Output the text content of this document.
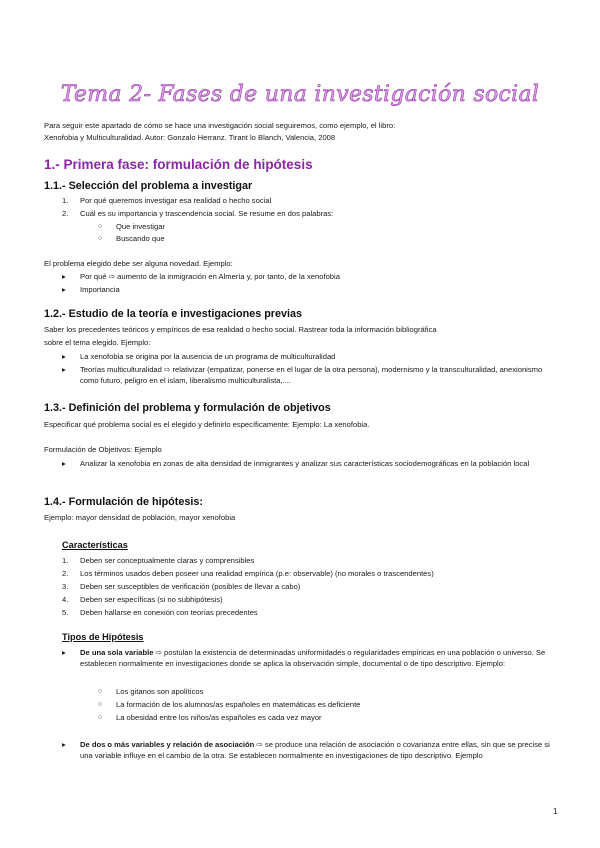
Tema 2- Fases de una investigación social
Para seguir este apartado de cómo se hace una investigación social seguiremos, como ejemplo, el libro:
Xenofobia y Multiculturalidad. Autor: Gonzalo Herranz. Tirant lo Blanch, Valencia, 2008
1.- Primera fase: formulación de hipótesis
1.1.- Selección del problema a investigar
1.	Por qué queremos investigar esa realidad o hecho social
2.	Cuál es su importancia y trascendencia social. Se resume en dos palabras:
○ Que investigar
○ Buscando que
El problema elegido debe ser alguna novedad. Ejemplo:
▸	Por qué ⇨ aumento de la inmigración en Almería y, por tanto, de la xenofobia
▸	Importancia
1.2.- Estudio de la teoría e investigaciones previas
Saber los precedentes teóricos y empíricos de esa realidad o hecho social. Rastrear toda la información bibliográfica
sobre el tema elegido. Ejemplo:
▸	La xenofobia se origina por la ausencia de un programa de multiculturalidad
▸	Teorías multiculturalidad ⇨ relativizar (empatizar, ponerse en el lugar de la otra persona), modernismo y la transculturalidad, anexionismo como futuro, peligro en el islam, liberalismo multiculturalista,....
1.3.- Definición del problema y formulación de objetivos
Especificar qué problema social es el elegido y definirlo específicamente: Ejemplo: La xenofobia.
Formulación de Objetivos: Ejemplo
▸	Analizar la xenofobia en zonas de alta densidad de inmigrantes y analizar sus características sociodemográficas en la población local
1.4.- Formulación de hipótesis:
Ejemplo: mayor densidad de población, mayor xenofobia
Características
1.	Deben ser conceptualmente claras y comprensibles
2.	Los términos usados deben poseer una realidad empírica (p.e: observable) (no morales o trascendentes)
3.	Deben ser susceptibles de verificación (posibles de llevar a cabo)
4.	Deben ser específicas (si no subhipótesis)
5.	Deben hallarse en conexión con teorías precedentes
Tipos de Hipótesis
▸	De una sola variable ⇨ postulan la existencia de determinadas uniformidades o regularidades empíricas en una población o universo. Se establecen normalmente en investigaciones donde se aplica la observación simple, documental o de tipo descriptivo. Ejemplo:
○ Los gitanos son apolíticos
○ La formación de los alumnos/as españoles en matemáticas es deficiente
○ La obesidad entre los niños/as españoles es cada vez mayor
▸	De dos o más variables y relación de asociación ⇨ se produce una relación de asociación o covarianza entre ellas, sin que se precise si una variable influye en el cambio de la otra. Se establecen normalmente en investigaciones de tipo descriptivo. Ejemplo
1
